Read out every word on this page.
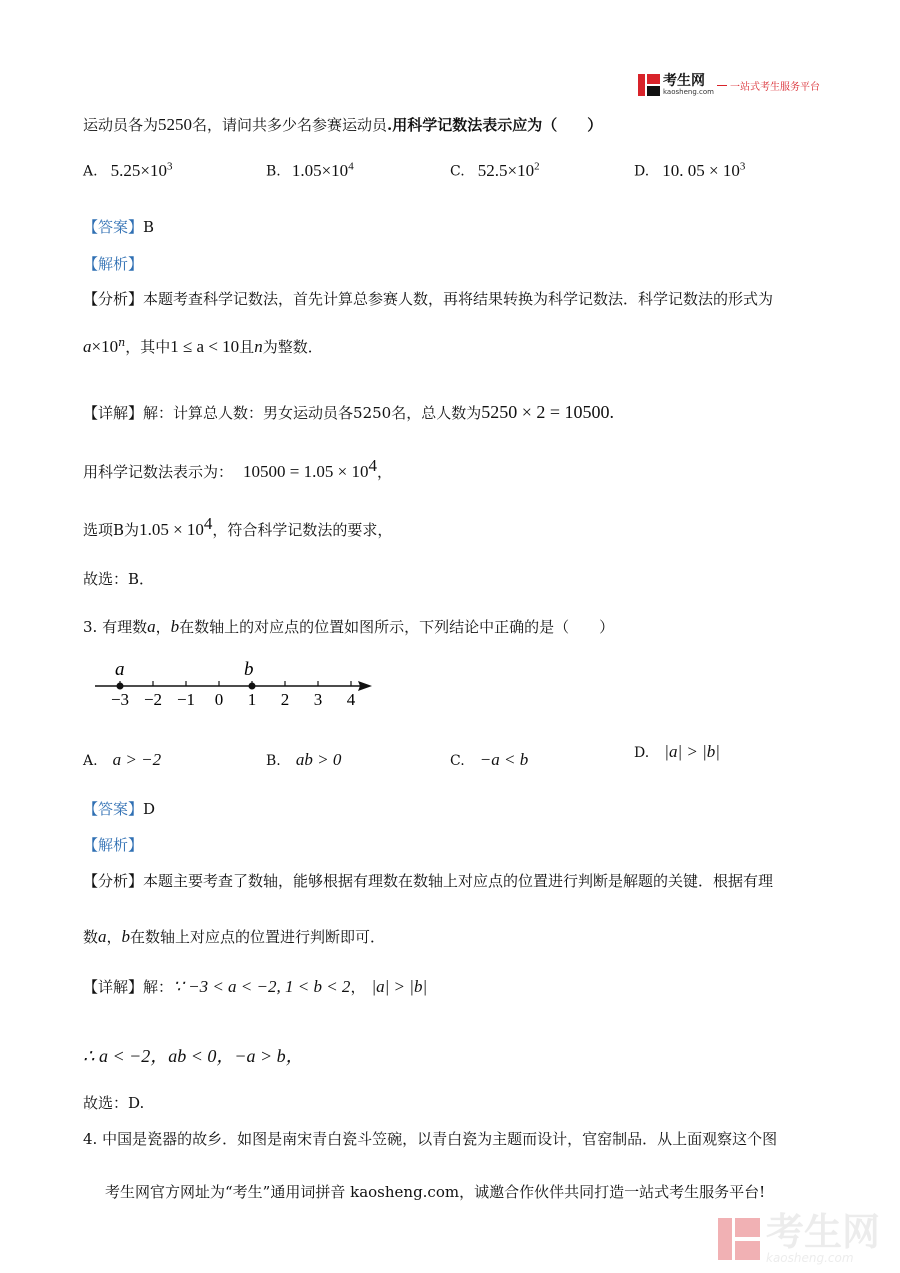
考生网
kaosheng.com 一站式考生服务平台
运动员各为5250名，请问共多少名参赛运动员.用科学记数法表示应为（　　）
A. $5.25\times 10^3$	B. $1.05\times 10^4$	C. $52.5\times 10^2$	D. 10. $05 \times 10^3$
【答案】B
【解析】
【分析】本题考查科学记数法，首先计算总参赛人数，再将结果转换为科学记数法．科学记数法的形式为
$a\times 10^n$，其中1 ≤ a < 10且n为整数．
【详解】解：计算总人数：男女运动员各5250名，总人数为5250 × 2 = 10500.
用科学记数法表示为： $10500 = 1.05 \times 10^4$，
选项B为$1.05 \times 10^4$，符合科学记数法的要求，
故选：B．
3. 有理数a，b在数轴上的对应点的位置如图所示，下列结论中正确的是（　　）
−3 −2 −1 0 1 2 3 4
a	b
A. a > −2	B. ab > 0	C. −a < b	D. |a| > |b|
【答案】D
【解析】
【分析】本题主要考查了数轴，能够根据有理数在数轴上对应点的位置进行判断是解题的关键．根据有理
数a，b在数轴上对应点的位置进行判断即可．
【详解】解：∵ −3 < a < −2, 1 < b < 2， |a| > |b|
∴ a < −2，ab < 0，−a > b，
故选：D.
4. 中国是瓷器的故乡．如图是南宋青白瓷斗笠碗，以青白瓷为主题而设计，官窑制品．从上面观察这个图
考生网官方网址为“考生”通用词拼音 kaosheng.com，诚邀合作伙伴共同打造一站式考生服务平台!
考生网
kaosheng.com
